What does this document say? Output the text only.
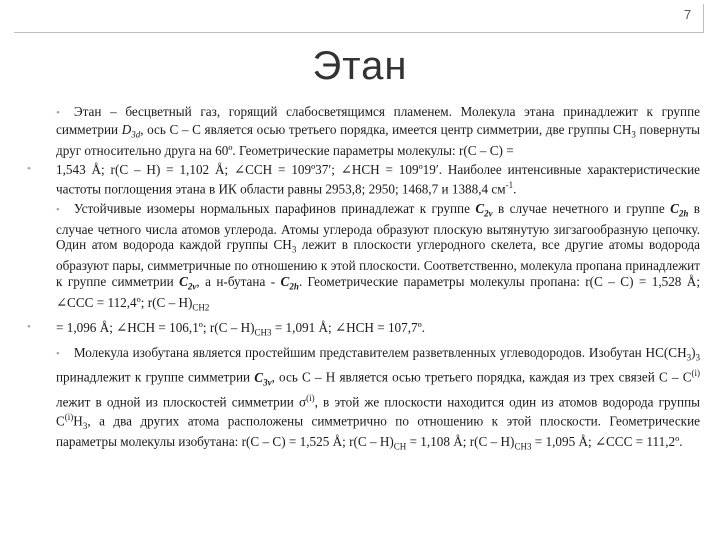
7
Этан

• Этан – бесцветный газ, горящий слабосветящимся пламенем. Молекула этана принадлежит к группе симметрии $D_{3d}$, ось С – С является осью третьего порядка, имеется центр симметрии, две группы $СН_3$ повернуты друг относительно друга на 60º. Геометрические параметры молекулы: r(С – С) =

• 1,543 Å; r(С – Н) = 1,102 Å; ∠ССН = 109º37′; ∠НСН = 109º19′. Наиболее интенсивные характеристические частоты поглощения этана в ИК области равны 2953,8; 2950; 1468,7 и 1388,4 $см^{-1}$.

• Устойчивые изомеры нормальных парафинов принадлежат к группе $C_{2v}$ в случае нечетного и группе $C_{2h}$ в случае четного числа атомов углерода. Атомы углерода образуют плоскую вытянутую зигзагообразную цепочку. Один атом водорода каждой группы $СН_3$ лежит в плоскости углеродного скелета, все другие атомы водорода образуют пары, симметричные по отношению к этой плоскости. Соответственно, молекула пропана принадлежит к группе симметрии $C_{2v}$, а н-бутана - $C_{2h}$. Геометрические параметры молекулы пропана: r(С – С) = 1,528 Å; ∠ССС = 112,4º; $r(С - Н)_{CH2}$

• = 1,096 Å; ∠НСН = 106,1º; $r(С - Н)_{CH3} = 1,091$ Å; ∠НСН = 107,7º.

• Молекула изобутана является простейшим представителем разветвленных углеводородов. Изобутан $НС(СН_3)_3$ принадлежит к группе симметрии $C_{3v}$, ось С – Н является осью третьего порядка, каждая из трех связей С – $С^{(i)}$ лежит в одной из плоскостей симметрии $\sigma^{(i)}$, в этой же плоскости находится один из атомов водорода группы $С^{(i)}Н_3$, а два других атома расположены симметрично по отношению к этой плоскости. Геометрические параметры молекулы изобутана: r(С – С) = 1,525 Å; $r(С - Н)_{CH} = 1,108$ Å; $r(С - Н)_{CH3} = 1,095$ Å; ∠ССС = 111,2º.
